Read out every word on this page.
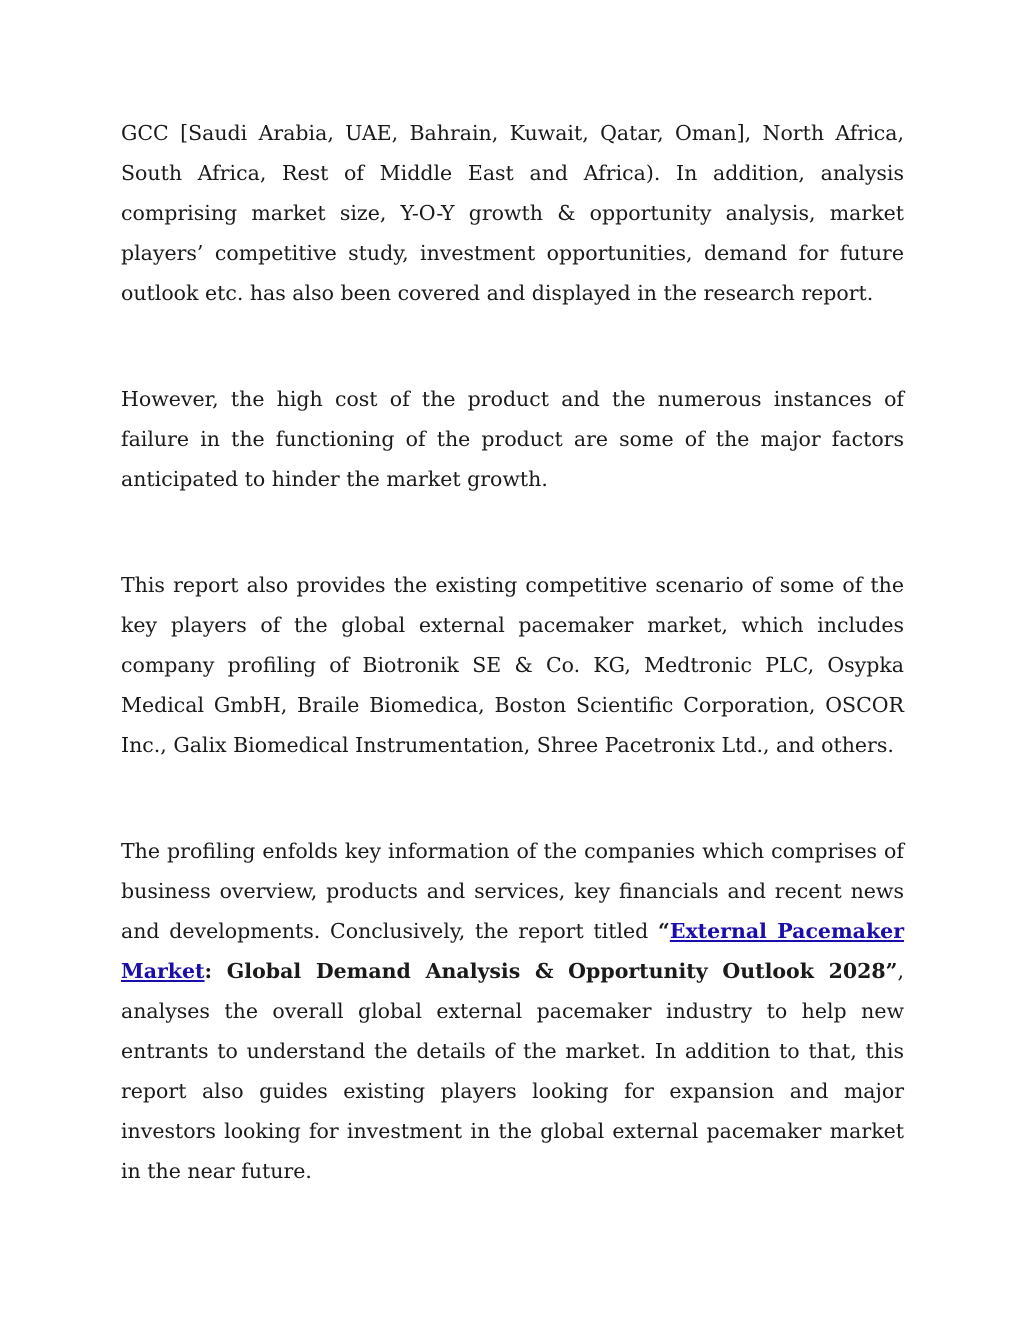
GCC [Saudi Arabia, UAE, Bahrain, Kuwait, Qatar, Oman], North Africa, South Africa, Rest of Middle East and Africa). In addition, analysis comprising market size, Y-O-Y growth & opportunity analysis, market players’ competitive study, investment opportunities, demand for future outlook etc. has also been covered and displayed in the research report.

However, the high cost of the product and the numerous instances of failure in the functioning of the product are some of the major factors anticipated to hinder the market growth.

This report also provides the existing competitive scenario of some of the key players of the global external pacemaker market, which includes company profiling of Biotronik SE & Co. KG, Medtronic PLC, Osypka Medical GmbH, Braile Biomedica, Boston Scientific Corporation, OSCOR Inc., Galix Biomedical Instrumentation, Shree Pacetronix Ltd., and others.

The profiling enfolds key information of the companies which comprises of business overview, products and services, key financials and recent news and developments. Conclusively, the report titled “External Pacemaker Market: Global Demand Analysis & Opportunity Outlook 2028”, analyses the overall global external pacemaker industry to help new entrants to understand the details of the market. In addition to that, this report also guides existing players looking for expansion and major investors looking for investment in the global external pacemaker market in the near future.
